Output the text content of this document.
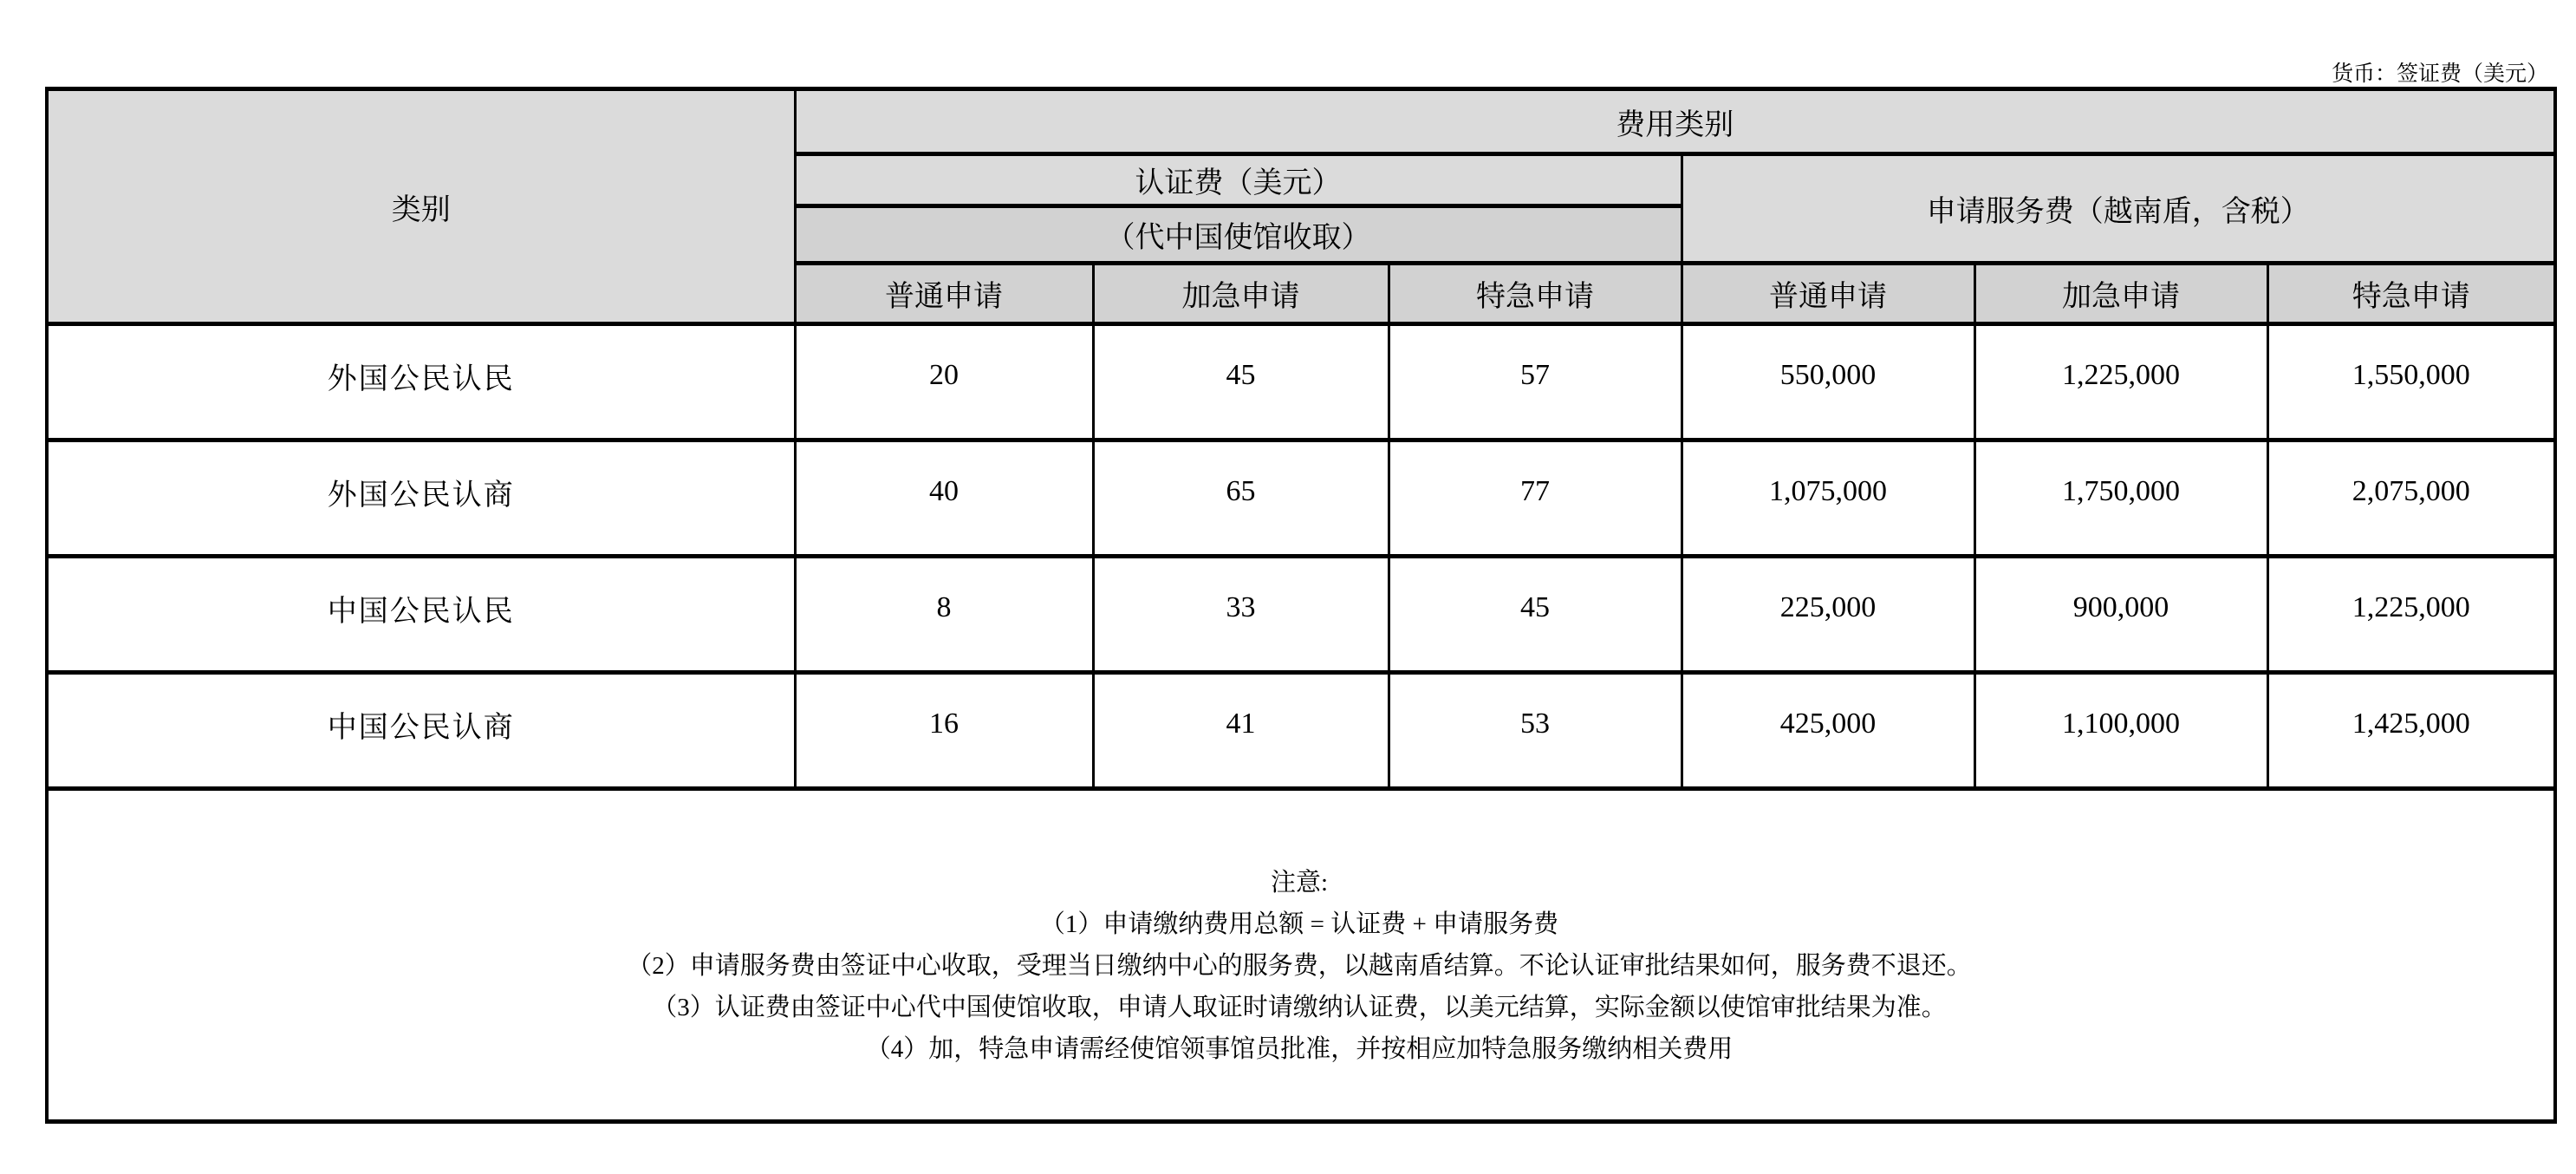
货币：签证费（美元）

类别	费用类别					
	认证费（美元）			申请服务费（越南盾，含税）		
	（代中国使馆收取）					
	普通申请	加急申请	特急申请	普通申请	加急申请	特急申请
外国公民认民	20	45	57	550,000	1,225,000	1,550,000
外国公民认商	40	65	77	1,075,000	1,750,000	2,075,000
中国公民认民	8	33	45	225,000	900,000	1,225,000
中国公民认商	16	41	53	425,000	1,100,000	1,425,000

注意:
（1）申请缴纳费用总额 = 认证费 + 申请服务费
（2）申请服务费由签证中心收取，受理当日缴纳中心的服务费，以越南盾结算。不论认证审批结果如何，服务费不退还。
（3）认证费由签证中心代中国使馆收取，申请人取证时请缴纳认证费，以美元结算，实际金额以使馆审批结果为准。
（4）加，特急申请需经使馆领事馆员批准，并按相应加特急服务缴纳相关费用						
